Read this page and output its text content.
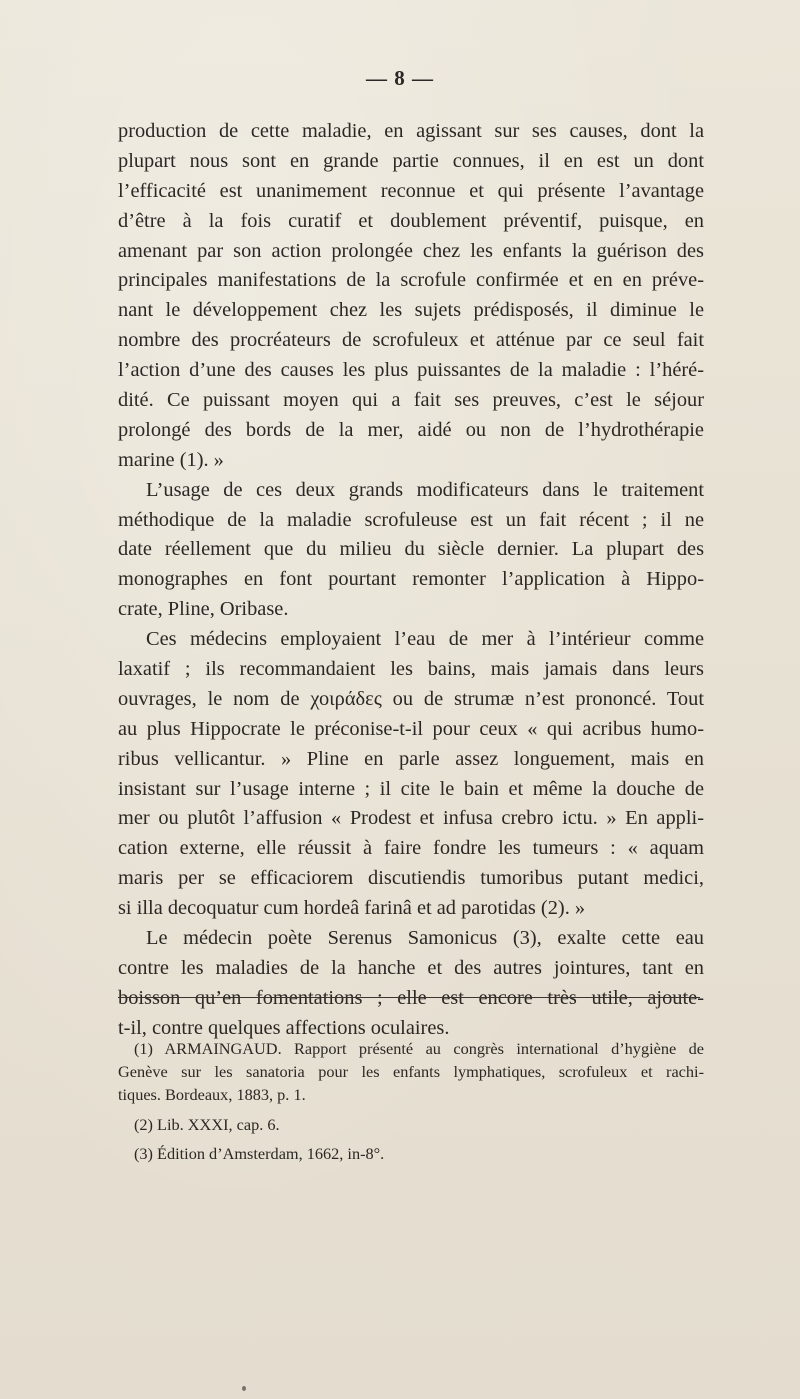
— 8 —
production de cette maladie, en agissant sur ses causes, dont la
plupart nous sont en grande partie connues, il en est un dont
l’efficacité est unanimement reconnue et qui présente l’avantage
d’être à la fois curatif et doublement préventif, puisque, en
amenant par son action prolongée chez les enfants la guérison des
principales manifestations de la scrofule confirmée et en en préve-
nant le développement chez les sujets prédisposés, il diminue le
nombre des procréateurs de scrofuleux et atténue par ce seul fait
l’action d’une des causes les plus puissantes de la maladie : l’héré-
dité. Ce puissant moyen qui a fait ses preuves, c’est le séjour
prolongé des bords de la mer, aidé ou non de l’hydrothérapie
marine (1). »
L’usage de ces deux grands modificateurs dans le traitement
méthodique de la maladie scrofuleuse est un fait récent ; il ne
date réellement que du milieu du siècle dernier. La plupart des
monographes en font pourtant remonter l’application à Hippo-
crate, Pline, Oribase.
Ces médecins employaient l’eau de mer à l’intérieur comme
laxatif ; ils recommandaient les bains, mais jamais dans leurs
ouvrages, le nom de χοιράδες ou de strumæ n’est prononcé. Tout
au plus Hippocrate le préconise-t-il pour ceux « qui acribus humo-
ribus vellicantur. » Pline en parle assez longuement, mais en
insistant sur l’usage interne ; il cite le bain et même la douche de
mer ou plutôt l’affusion « Prodest et infusa crebro ictu. » En appli-
cation externe, elle réussit à faire fondre les tumeurs : « aquam
maris per se efficaciorem discutiendis tumoribus putant medici,
si illa decoquatur cum hordeâ farinâ et ad parotidas (2). »
Le médecin poète Serenus Samonicus (3), exalte cette eau
contre les maladies de la hanche et des autres jointures, tant en
boisson qu’en fomentations ; elle est encore très utile, ajoute-
t-il, contre quelques affections oculaires.
(1) ARMAINGAUD. Rapport présenté au congrès international d’hygiène de
Genève sur les sanatoria pour les enfants lymphatiques, scrofuleux et rachi-
tiques. Bordeaux, 1883, p. 1.
(2) Lib. XXXI, cap. 6.
(3) Édition d’Amsterdam, 1662, in-8°.
